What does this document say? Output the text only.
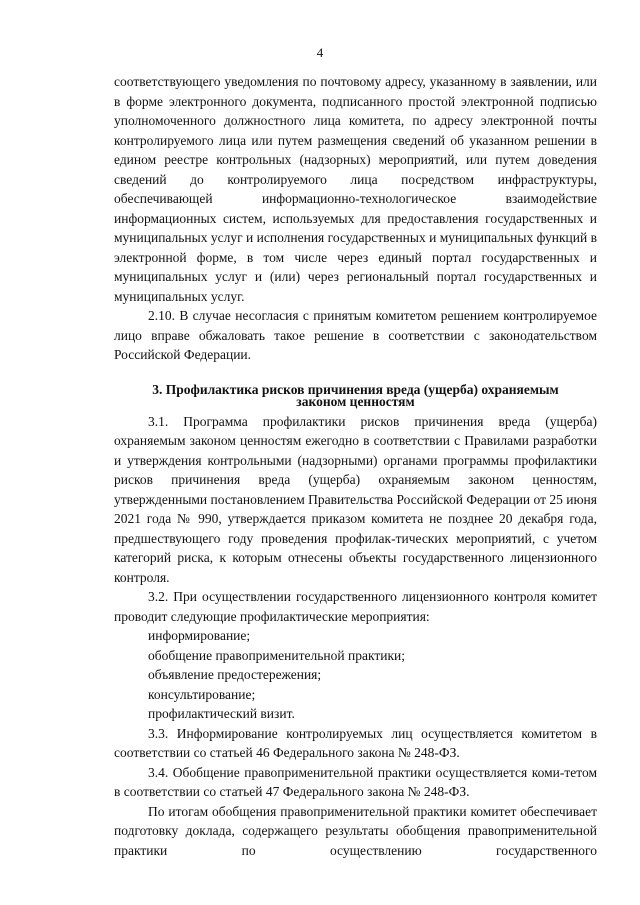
4

соответствующего уведомления по почтовому адресу, указанному в заявлении, или в форме электронного документа, подписанного простой электронной подписью уполномоченного должностного лица комитета, по адресу электронной почты контролируемого лица или путем размещения сведений об указанном решении в едином реестре контрольных (надзорных) мероприятий, или путем доведения сведений до контролируемого лица посредством инфраструктуры, обеспечивающей информационно-технологическое взаимодействие информационных систем, используемых для предоставления государственных и муниципальных услуг и исполнения государственных и муниципальных функций в электронной форме, в том числе через единый портал государственных и муниципальных услуг и (или) через региональный портал государственных и муниципальных услуг.

2.10. В случае несогласия с принятым комитетом решением контролируемое лицо вправе обжаловать такое решение в соответствии с законодательством Российской Федерации.

3. Профилактика рисков причинения вреда (ущерба) охраняемым
законом ценностям

3.1. Программа профилактики рисков причинения вреда (ущерба) охраняемым законом ценностям ежегодно в соответствии с Правилами разработки и утверждения контрольными (надзорными) органами программы профилактики рисков причинения вреда (ущерба) охраняемым законом ценностям, утвержденными постановлением Правительства Российской Федерации от 25 июня 2021 года № 990, утверждается приказом комитета не позднее 20 декабря года, предшествующего году проведения профилак-тических мероприятий, с учетом категорий риска, к которым отнесены объекты государственного лицензионного контроля.

3.2. При осуществлении государственного лицензионного контроля комитет проводит следующие профилактические мероприятия:

информирование;

обобщение правоприменительной практики;

объявление предостережения;

консультирование;

профилактический визит.

3.3. Информирование контролируемых лиц осуществляется комитетом в соответствии со статьей 46 Федерального закона № 248-ФЗ.

3.4. Обобщение правоприменительной практики осуществляется коми-тетом в соответствии со статьей 47 Федерального закона № 248-ФЗ.

По итогам обобщения правоприменительной практики комитет обеспечивает подготовку доклада, содержащего результаты обобщения правоприменительной практики по осуществлению государственного
